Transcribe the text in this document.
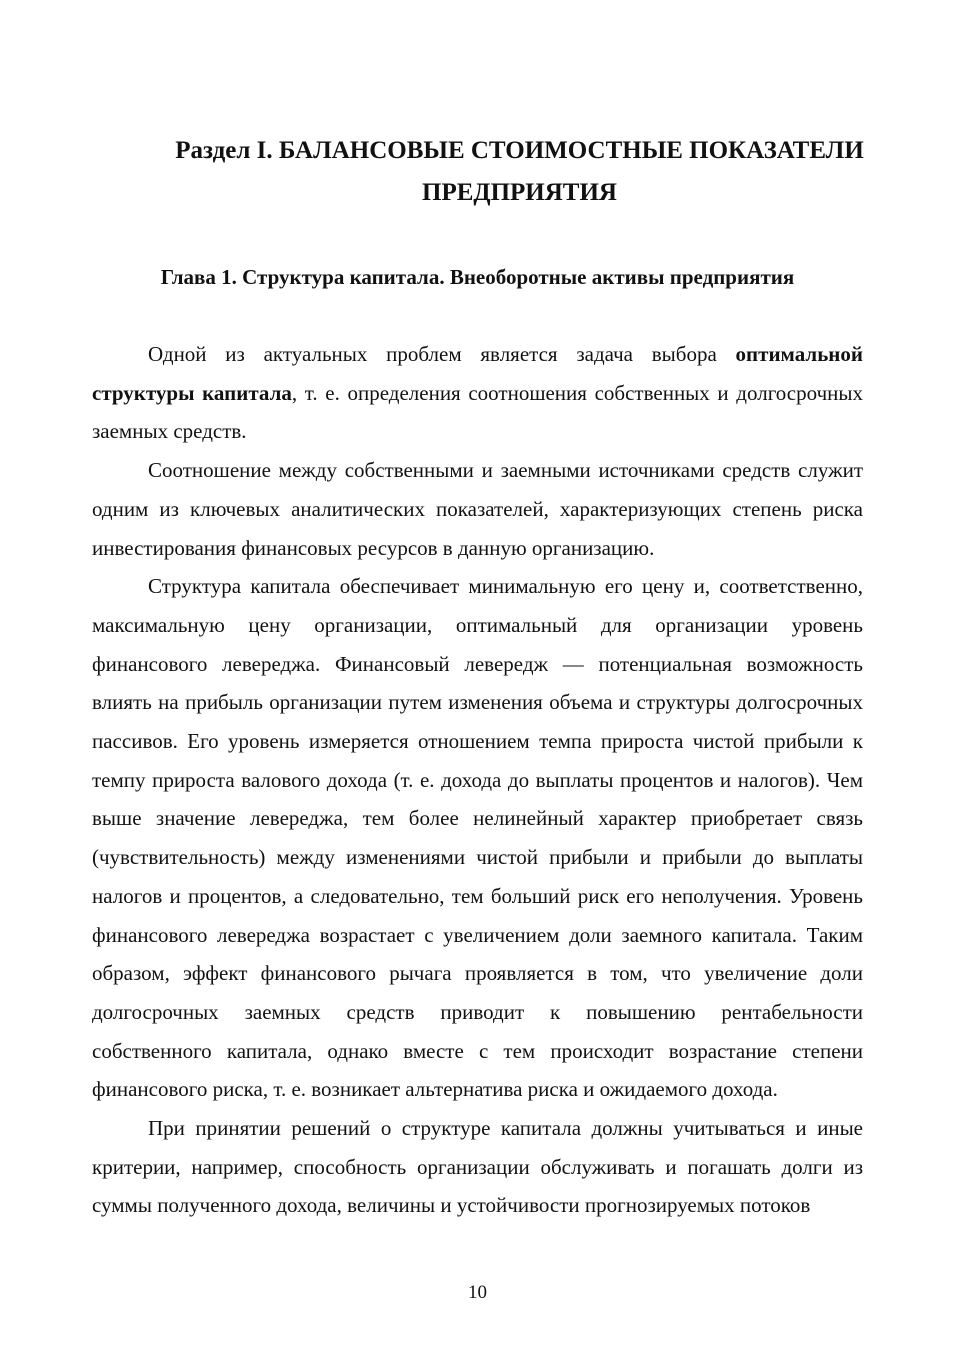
Раздел I. БАЛАНСОВЫЕ СТОИМОСТНЫЕ ПОКАЗАТЕЛИ
ПРЕДПРИЯТИЯ
Глава 1. Структура капитала. Внеоборотные активы предприятия

Одной из актуальных проблем является задача выбора оптимальной структуры капитала, т. е. определения соотношения собственных и долгосрочных заемных средств.

Соотношение между собственными и заемными источниками средств служит одним из ключевых аналитических показателей, характеризующих степень риска инвестирования финансовых ресурсов в данную организацию.

Структура капитала обеспечивает минимальную его цену и, соответственно, максимальную цену организации, оптимальный для организации уровень финансового левереджа. Финансовый левередж — потенциальная возможность влиять на прибыль организации путем изменения объема и структуры долгосрочных пассивов. Его уровень измеряется отношением темпа прироста чистой прибыли к темпу прироста валового дохода (т. е. дохода до выплаты процентов и налогов). Чем выше значение левереджа, тем более нелинейный характер приобретает связь (чувствительность) между изменениями чистой прибыли и прибыли до выплаты налогов и процентов, а следовательно, тем больший риск его неполучения. Уровень финансового левереджа возрастает с увеличением доли заемного капитала. Таким образом, эффект финансового рычага проявляется в том, что увеличение доли долгосрочных заемных средств приводит к повышению рентабельности собственного капитала, однако вместе с тем происходит возрастание степени финансового риска, т. е. возникает альтернатива риска и ожидаемого дохода.

При принятии решений о структуре капитала должны учитываться и иные критерии, например, способность организации обслуживать и погашать долги из суммы полученного дохода, величины и устойчивости прогнозируемых потоков

10
